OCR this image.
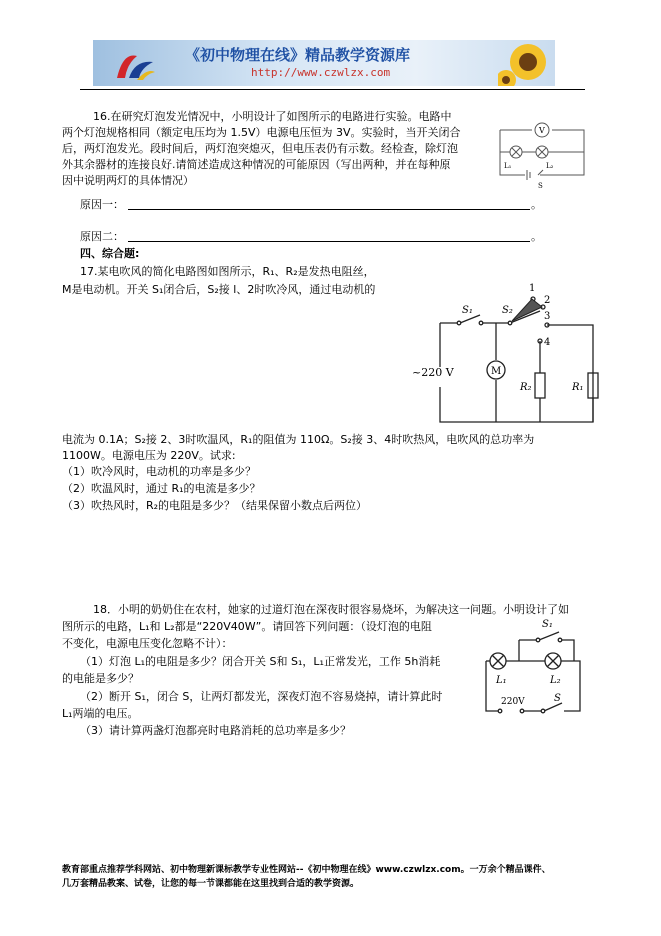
《初中物理在线》精品教学资源库
http://www.czwlzx.com
16.在研究灯泡发光情况中，小明设计了如图所示的电路进行实验。电路中
两个灯泡规格相同（额定电压均为 1.5V）电源电压恒为 3V。实验时，当开关闭合
后，两灯泡发光。段时间后，两灯泡突熄灭，但电压表仍有示数。经检查，除灯泡
外其余器材的连接良好.请简述造成这种情况的可能原因（写出两种，并在每种原
因中说明两灯的具体情况）
V
L₁	L₂
S
原因一：	。
原因二：	。
四、综合题:
17.某电吹风的简化电路图如图所示，R₁、R₂是发热电阻丝，
M是电动机。开关 S₁闭合后，S₂接 l、2时吹冷风，通过电动机的
~220 V	M
S₁	S₂
R₂	R₁
1
2
3
4
电流为 0.1A；S₂接 2、3时吹温风，R₁的阻值为 110Ω。S₂接 3、4时吹热风，电吹风的总功率为
1100W。电源电压为 220V。试求:
（1）吹冷风时，电动机的功率是多少？
（2）吹温风时，通过 R₁的电流是多少？
（3）吹热风时，R₂的电阻是多少？（结果保留小数点后两位）
18．小明的奶奶住在农村，她家的过道灯泡在深夜时很容易烧坏，为解决这一问题。小明设计了如
图所示的电路，L₁和 L₂都是“220V40W”。请回答下列问题：（设灯泡的电阻
不变化，电源电压变化忽略不计）：
（1）灯泡 L₁的电阻是多少？闭合开关 S和 S₁，L₁正常发光，工作 5h消耗
的电能是多少？
（2）断开 S₁，闭合 S，让两灯都发光，深夜灯泡不容易烧掉，请计算此时
L₁两端的电压。
（3）请计算两盏灯泡都亮时电路消耗的总功率是多少？
S₁
L₁	L₂
220V	S
教育部重点推荐学科网站、初中物理新课标教学专业性网站--《初中物理在线》www.czwlzx.com。一万余个精品课件、
几万套精品教案、试卷，让您的每一节课都能在这里找到合适的教学资源。
